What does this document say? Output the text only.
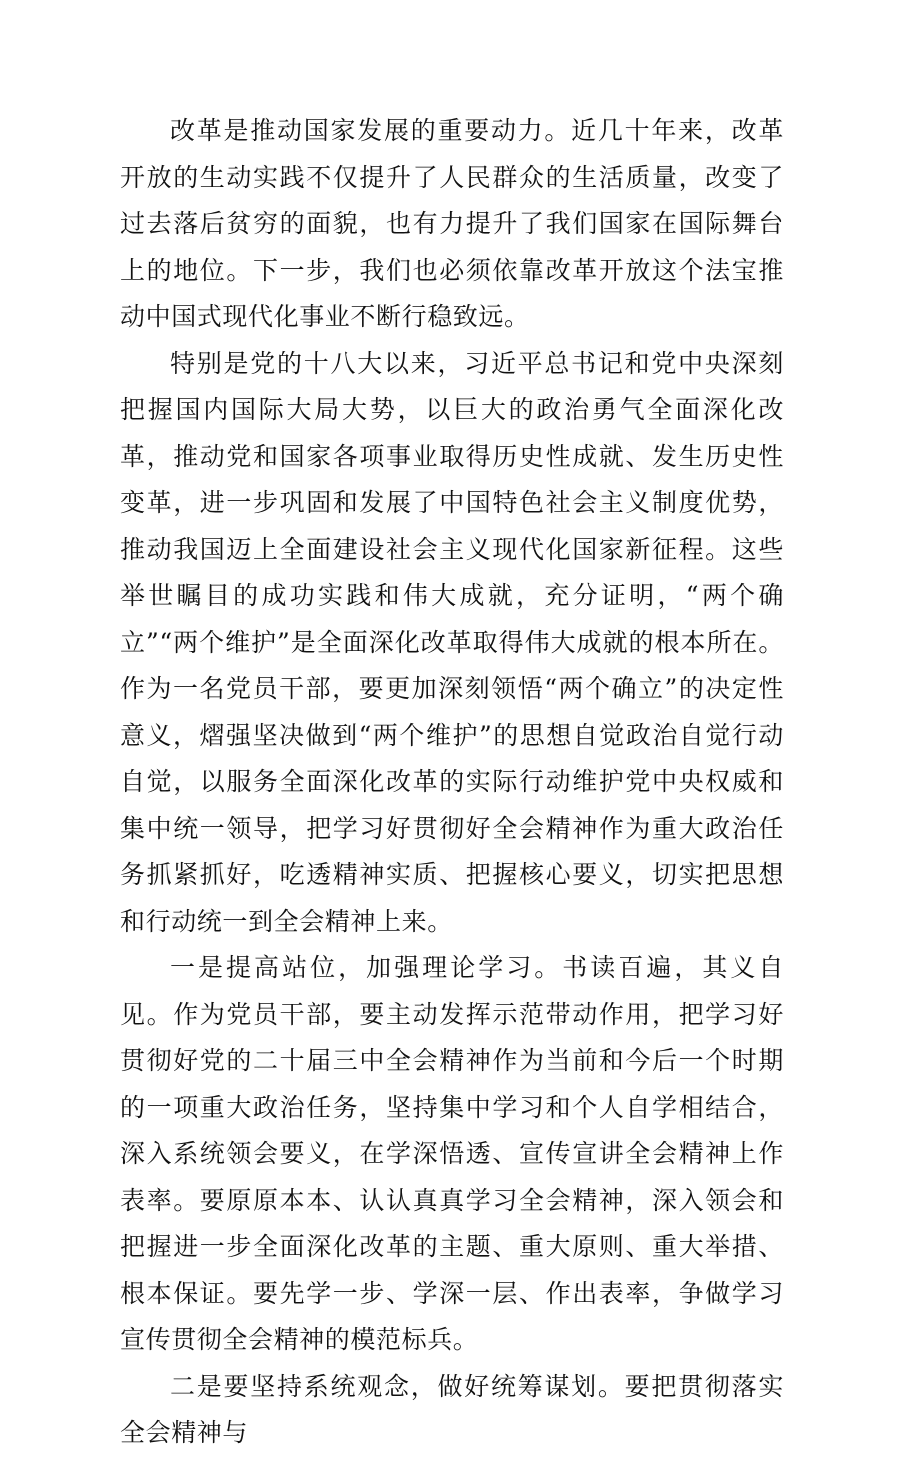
改革是推动国家发展的重要动力。近几十年来，改革开放的生动实践不仅提升了人民群众的生活质量，改变了过去落后贫穷的面貌，也有力提升了我们国家在国际舞台上的地位。下一步，我们也必须依靠改革开放这个法宝推动中国式现代化事业不断行稳致远。

特别是党的十八大以来，习近平总书记和党中央深刻把握国内国际大局大势，以巨大的政治勇气全面深化改革，推动党和国家各项事业取得历史性成就、发生历史性变革，进一步巩固和发展了中国特色社会主义制度优势，推动我国迈上全面建设社会主义现代化国家新征程。这些举世瞩目的成功实践和伟大成就，充分证明，“两个确立”“两个维护”是全面深化改革取得伟大成就的根本所在。作为一名党员干部，要更加深刻领悟“两个确立”的决定性意义，熠强坚决做到“两个维护”的思想自觉政治自觉行动自觉，以服务全面深化改革的实际行动维护党中央权威和集中统一领导，把学习好贯彻好全会精神作为重大政治任务抓紧抓好，吃透精神实质、把握核心要义，切实把思想和行动统一到全会精神上来。

一是提高站位，加强理论学习。书读百遍，其义自见。作为党员干部，要主动发挥示范带动作用，把学习好贯彻好党的二十届三中全会精神作为当前和今后一个时期的一项重大政治任务，坚持集中学习和个人自学相结合，深入系统领会要义，在学深悟透、宣传宣讲全会精神上作表率。要原原本本、认认真真学习全会精神，深入领会和把握进一步全面深化改革的主题、重大原则、重大举措、根本保证。要先学一步、学深一层、作出表率，争做学习宣传贯彻全会精神的模范标兵。

二是要坚持系统观念，做好统筹谋划。要把贯彻落实全会精神与
